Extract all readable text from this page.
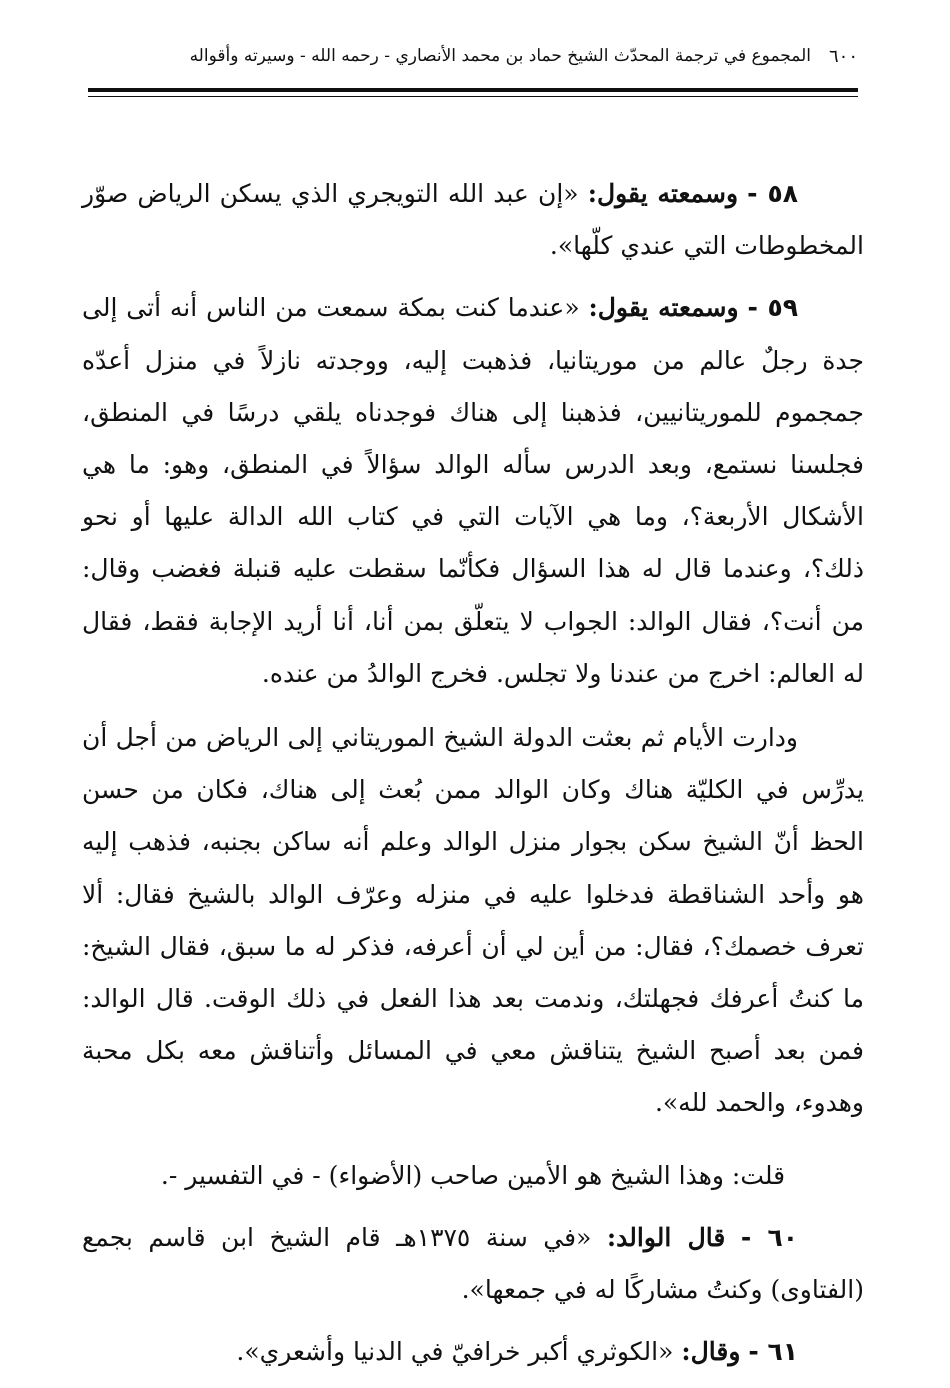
٦٠٠
المجموع في ترجمة المحدّث الشيخ حماد بن محمد الأنصاري - رحمه الله - وسيرته وأقواله

٥٨ - وسمعته يقول: «إن عبد الله التويجري الذي يسكن الرياض صوّر المخطوطات التي عندي كلّها».

٥٩ - وسمعته يقول: «عندما كنت بمكة سمعت من الناس أنه أتى إلى جدة رجلٌ عالم من موريتانيا، فذهبت إليه، ووجدته نازلاً في منزل أعدّه جمجموم للموريتانيين، فذهبنا إلى هناك فوجدناه يلقي درسًا في المنطق، فجلسنا نستمع، وبعد الدرس سأله الوالد سؤالاً في المنطق، وهو: ما هي الأشكال الأربعة؟، وما هي الآيات التي في كتاب الله الدالة عليها أو نحو ذلك؟، وعندما قال له هذا السؤال فكأنّما سقطت عليه قنبلة فغضب وقال: من أنت؟، فقال الوالد: الجواب لا يتعلّق بمن أنا، أنا أريد الإجابة فقط، فقال له العالم: اخرج من عندنا ولا تجلس. فخرج الوالدُ من عنده.

ودارت الأيام ثم بعثت الدولة الشيخ الموريتاني إلى الرياض من أجل أن يدرِّس في الكليّة هناك وكان الوالد ممن بُعث إلى هناك، فكان من حسن الحظ أنّ الشيخ سكن بجوار منزل الوالد وعلم أنه ساكن بجنبه، فذهب إليه هو وأحد الشناقطة فدخلوا عليه في منزله وعرّف الوالد بالشيخ فقال: ألا تعرف خصمك؟، فقال: من أين لي أن أعرفه، فذكر له ما سبق، فقال الشيخ: ما كنتُ أعرفك فجهلتك، وندمت بعد هذا الفعل في ذلك الوقت. قال الوالد: فمن بعد أصبح الشيخ يتناقش معي في المسائل وأتناقش معه بكل محبة وهدوء، والحمد لله».

قلت: وهذا الشيخ هو الأمين صاحب (الأضواء) - في التفسير -.

٦٠ - قال الوالد: «في سنة ١٣٧٥هـ قام الشيخ ابن قاسم بجمع (الفتاوى) وكنتُ مشاركًا له في جمعها».

٦١ - وقال: «الكوثري أكبر خرافيّ في الدنيا وأشعري».
